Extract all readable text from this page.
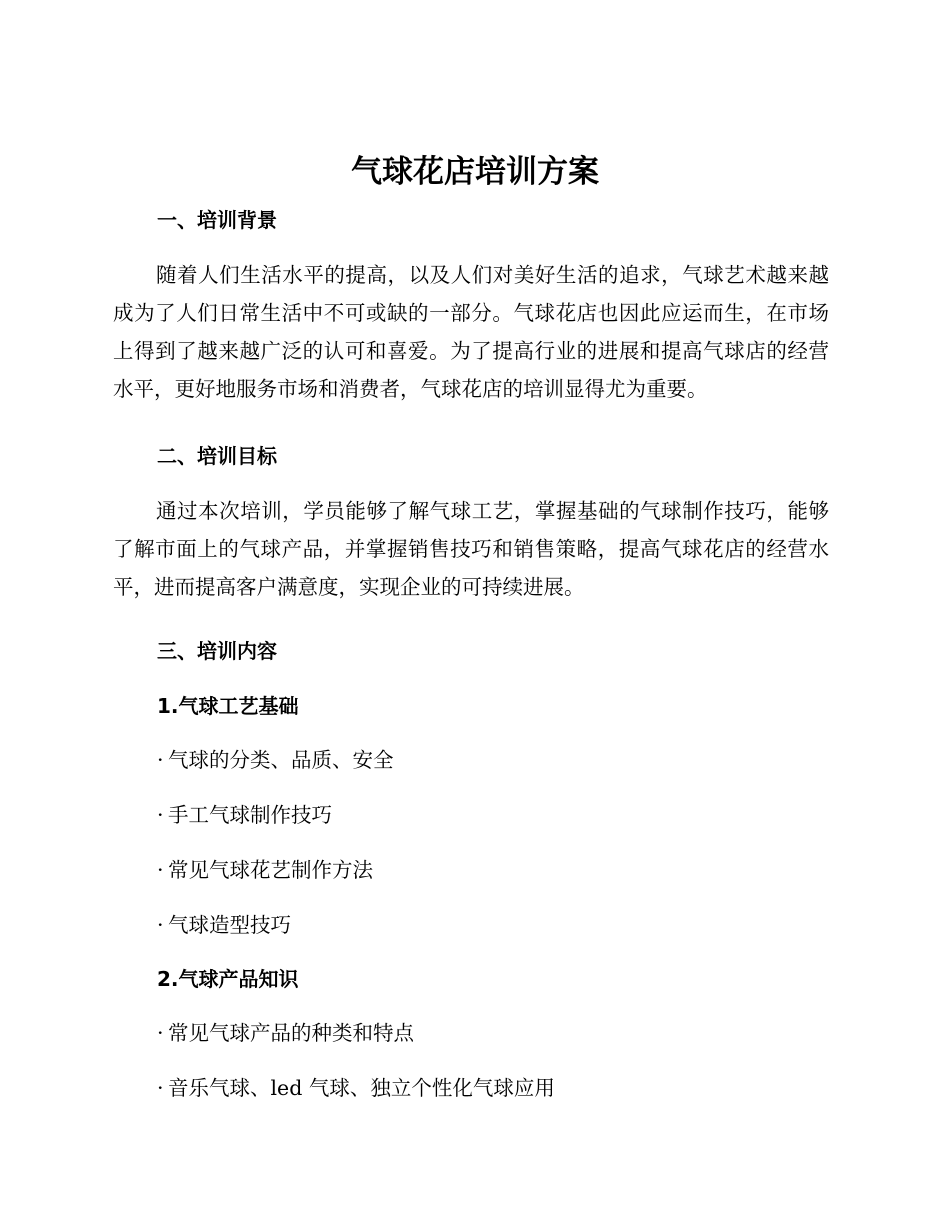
气球花店培训方案
一、培训背景

随着人们生活水平的提高，以及人们对美好生活的追求，气球艺术越来越成为了人们日常生活中不可或缺的一部分。气球花店也因此应运而生，在市场上得到了越来越广泛的认可和喜爱。为了提高行业的进展和提高气球店的经营水平，更好地服务市场和消费者，气球花店的培训显得尤为重要。

二、培训目标

通过本次培训，学员能够了解气球工艺，掌握基础的气球制作技巧，能够了解市面上的气球产品，并掌握销售技巧和销售策略，提高气球花店的经营水平，进而提高客户满意度，实现企业的可持续进展。

三、培训内容
1.气球工艺基础
· 气球的分类、品质、安全
· 手工气球制作技巧
· 常见气球花艺制作方法
· 气球造型技巧
2.气球产品知识
· 常见气球产品的种类和特点
· 音乐气球、led 气球、独立个性化气球应用
